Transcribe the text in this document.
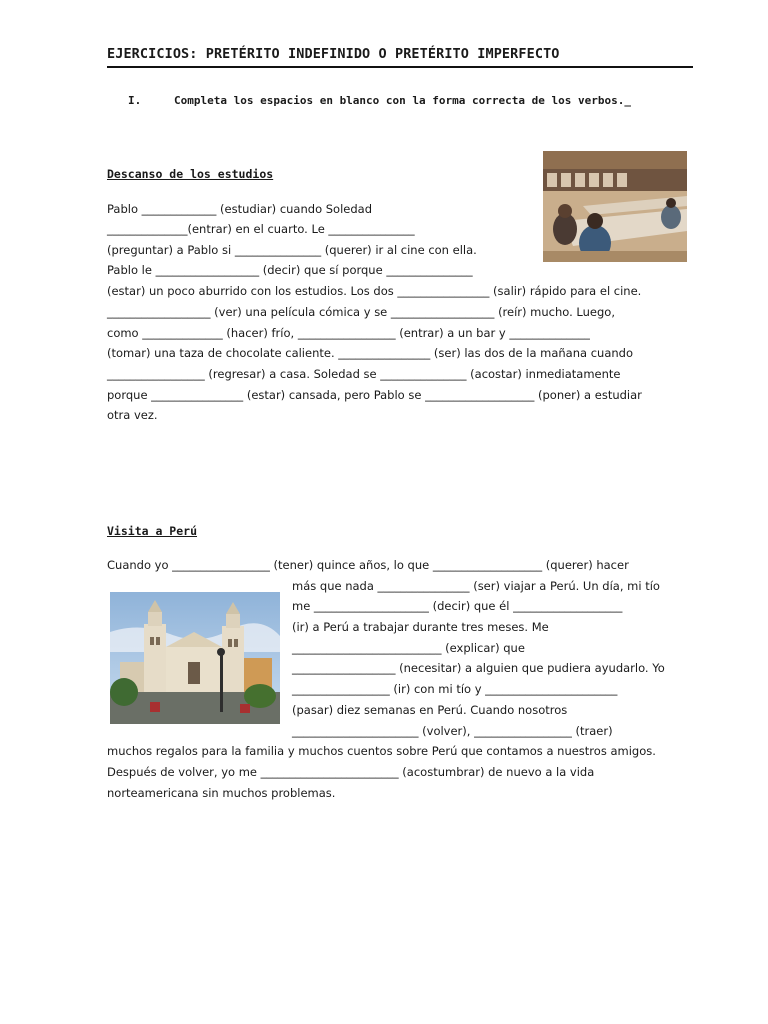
EJERCICIOS: PRETÉRITO INDEFINIDO O PRETÉRITO IMPERFECTO
I.	Completa los espacios en blanco con la forma correcta de los verbos._
Descanso de los estudios
Pablo _____________ (estudiar) cuando Soledad
______________(entrar) en el cuarto. Le _______________
(preguntar) a Pablo si _______________ (querer) ir al cine con ella.
Pablo le __________________ (decir) que sí porque _______________
(estar) un poco aburrido con los estudios. Los dos ________________ (salir) rápido para el cine.
__________________ (ver) una película cómica y se __________________ (reír) mucho. Luego,
como ______________ (hacer) frío, _________________ (entrar) a un bar y ______________
(tomar) una taza de chocolate caliente. ________________ (ser) las dos de la mañana cuando
_________________ (regresar) a casa. Soledad se _______________ (acostar) inmediatamente
porque ________________ (estar) cansada, pero Pablo se ___________________ (poner) a estudiar
otra vez.
Visita a Perú
Cuando yo _________________ (tener) quince años, lo que ___________________ (querer) hacer
más que nada ________________ (ser) viajar a Perú. Un día, mi tío
me ____________________ (decir) que él ___________________
(ir) a Perú a trabajar durante tres meses. Me
__________________________ (explicar) que
__________________ (necesitar) a alguien que pudiera ayudarlo. Yo
_________________ (ir) con mi tío y _______________________
(pasar) diez semanas en Perú. Cuando nosotros
______________________ (volver), _________________ (traer)
muchos regalos para la familia y muchos cuentos sobre Perú que contamos a nuestros amigos.
Después de volver, yo me ________________________ (acostumbrar) de nuevo a la vida
norteamericana sin muchos problemas.
